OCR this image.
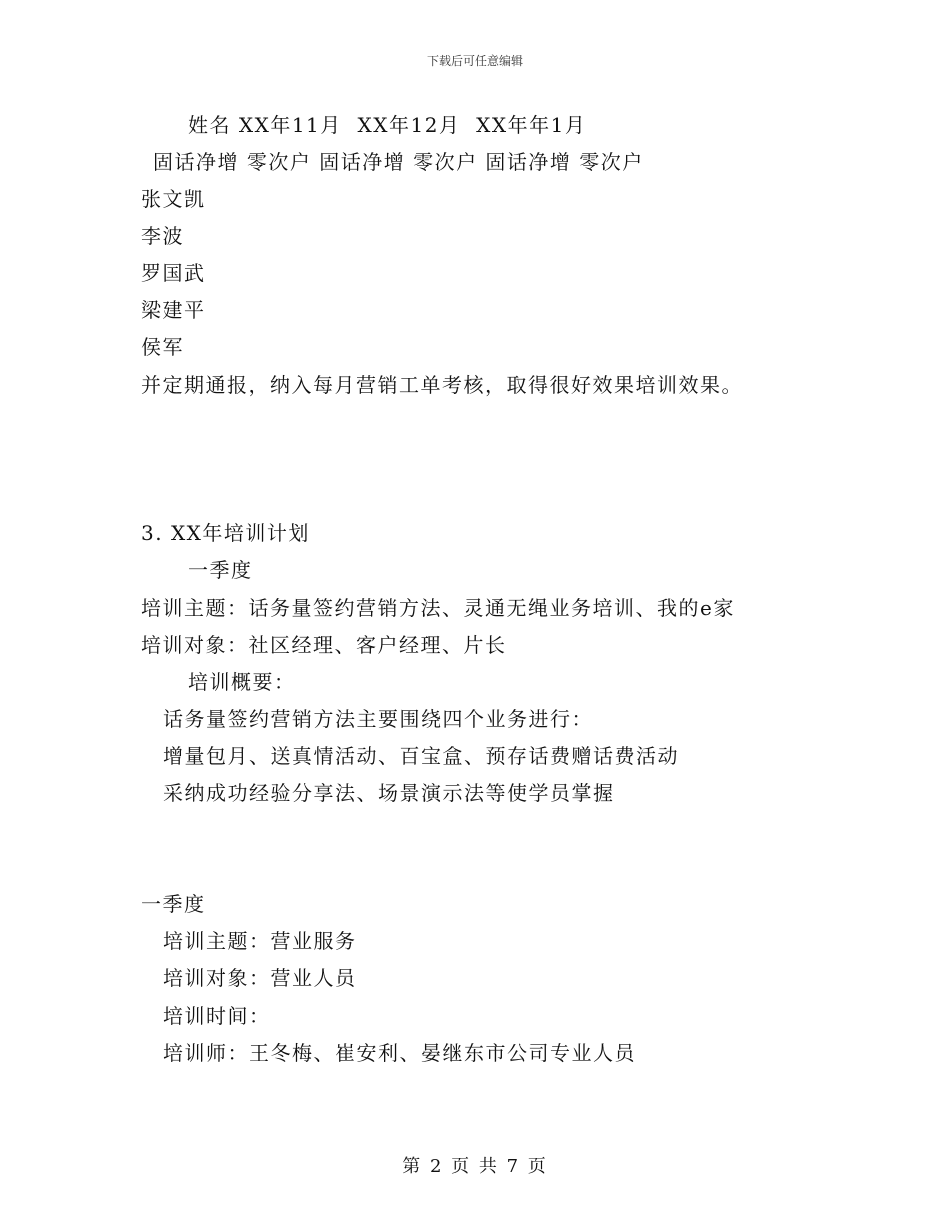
下载后可任意编辑
姓名 XX年11月  XX年12月  XX年年1月
固话净增 零次户 固话净增 零次户 固话净增 零次户
张文凯
李波
罗国武
梁建平
侯军
并定期通报，纳入每月营销工单考核，取得很好效果培训效果。
3. XX年培训计划
一季度
培训主题：话务量签约营销方法、灵通无绳业务培训、我的e家
培训对象：社区经理、客户经理、片长
培训概要：
话务量签约营销方法主要围绕四个业务进行：
增量包月、送真情活动、百宝盒、预存话费赠话费活动
采纳成功经验分享法、场景演示法等使学员掌握
一季度
培训主题：营业服务
培训对象：营业人员
培训时间：
培训师：王冬梅、崔安利、晏继东市公司专业人员
第 2 页 共 7 页
